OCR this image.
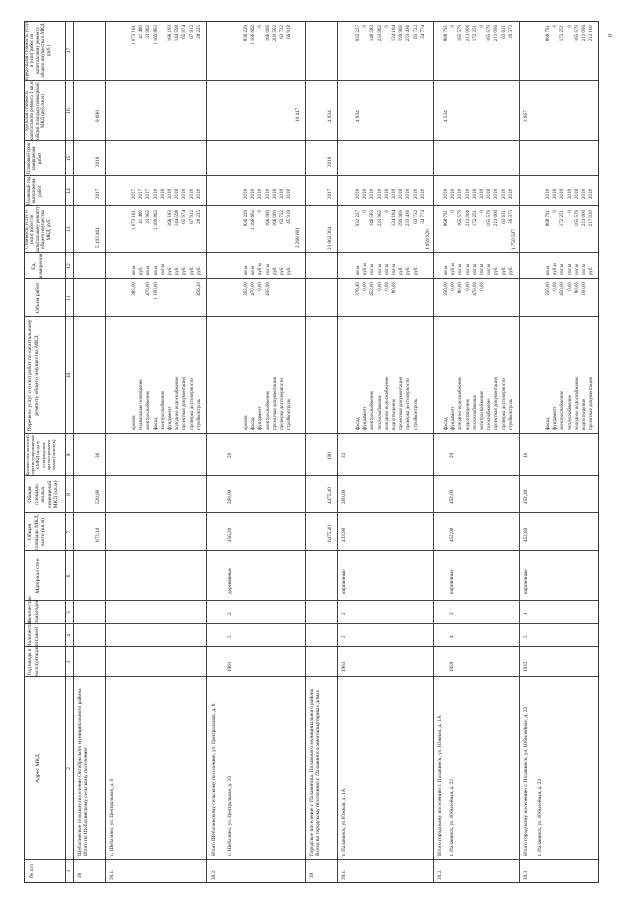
№ п/п
Адрес МКД
Год ввода в эксплуатацию
Количество этажей
Количество подъездов
Материал стен
Общая площадь МКД, всего (кв.м)
Общая площадь жилых помещений МКД (кв.м)
Количество жителей, зарегистрированных в МКД на дату утверждения краткосрочного плана (человек)
Перечень услуг и (или) работ по капитальному ремонту общего имущества МКД
Объем работ
Ед. измерения
Стоимость услуг и (или) работ по капитальному ремонту общего имущества МКД, руб.
Плановый год выполнения работ
Плановый срок завершения работ
Удельная стоимость капитального ремонта 1 кв.м общей площади помещений МКД (руб./кв.м)
Предельная стоимость услуг и (или) работ по капитальному ремонту общего имущества в МКД (руб.)
1
2
3
4
5
6
7
8
9
10
11
12
13
14
15
16
17
38
Шебалинское сельское поселение Октябрьского муниципального района
Итого по Шебалинскому сельскому поселению
872,10
520,90
38
5 193 461
2017
2018
9 890
38.1.
с. Шебалино, ул. Центральная, д. 6
кровля
подвальные помещения
электроснабжение
фасад
электроснабжение
фундамент
холодное водоснабжение
проектная документация
проверка достоверности
стройконтроль
385,00

470,00
1 100,00

456,20
кв.м
руб.
кв.м
кв.м
пог.м
руб.
руб.
руб.
руб.
руб.
1 073 161
41 480
33 962
1 169 863

166 183
144 598
65 974
67 912
28 225
2017
2017
2017
2018
2018
2018
2018
2018
2018
2018
1 073 161
41 480
33 962
1 169 863

166 183
144 598
65 974
67 912
28 225
38.2.
Итого Шебалинскому сельскому поселению, ул. Центральная, д. 6 с. Шебалино, ул. Центральная, д. 10
1961
2
2
деревянные
456,20
260,00
20
кровля
фасад
фундамент
электроснабжение
проектная документация
проверка достоверности
стройконтроль
392,00
470,00
0,00
435,90
кв.м
кв.м
куб.м
пог.м
руб.
руб.
руб.
836 229
1 166 662
0
166 069
166 069
63 722
45 918
2 268 681
2018
2018
2018
2018
2018
2018
2018
10 417
836 229
1 166 662
0
166 069
200 582
63 722
66 918
39
Городское поселение г. Палавинска, Полавского муниципального района
Всего по городскому поселению г. Палавинск в многоквартирных домах
6475,40
4475,40
190
23 962 364
2017
2018
4 934
39.1.
г. Палавинск, ул Южная, д. 1А
1961
2
2
кирпичные
433,90
260,00
32
фасад
фундамент
электроснабжение
теплоснабжение
холодное водоснабжение
водоотведение
проектная документация
проверка достоверности
стройконтроль
370,40
0,00
452,00
0,00
0,00
80,00
кв.м
куб.м
пог.м
пог.м
пог.м
пог.м
руб.
руб.
руб.
932 227
0
146 583
233 962
0
124 184
199 969
233 436
63 732
34 774
1 959 826
2018
2018
2018
2018
2018
2018
2018
2018
2018
2018
4 934
932 227
0
146 583
233 962
0
124 184
199 969
233 436
63 722
34 774
39.2.
Итого городскому поселению г. Палавинск, ул. Южная, д. 1А г. Палавинск, ул. Юбилейная, д. 22
1959
4
2
кирпичные
452,00
452,00
20
фасад
фундамент
холодное водоснабжение
водоотведение
теплоснабжение
электроснабжение
газоснабжение
проектная документация
проверка достоверности
стройконтроль
350,00
0,00
80,00
0,00
470,00
0,00
кв.м
куб.м
пог.м
пог.м
пог.м
пог.м
пог.м
руб.
руб.
руб.
868 791
0
165 579
213 006
172 251
0
165 579
213 006
63 631
39 373
1 750 597
2018
2018
2018
2018
2018
2018
2018
2018
2018
2018
4 534
868 791
0
165 579
213 006
172 251
0
165 579
213 006
63 631
39 373
39.3.
Итого городскому поселению г. Палавинск, ул. Юбилейная, д. 22 г. Палавинск, ул. Юбилейная, д. 24
1933
2
1
кирпичные
452,80
452,40
16
фасад
фундамент
электроснабжение
теплоснабжение
холодное водоснабжение
водоотведение
проектная документация
350,00
0,00
450,00
0,00
80,00
100,00
кв.м
куб.м
пог.м
пог.м
пог.м
пог.м
руб.
868 791
0
172 251
0
165 579
213 006
217 030
2018
2018
2018
2018
2018
2018
2018
3 867
868 791
0
172 251
0
165 579
213 006
212 160
0
